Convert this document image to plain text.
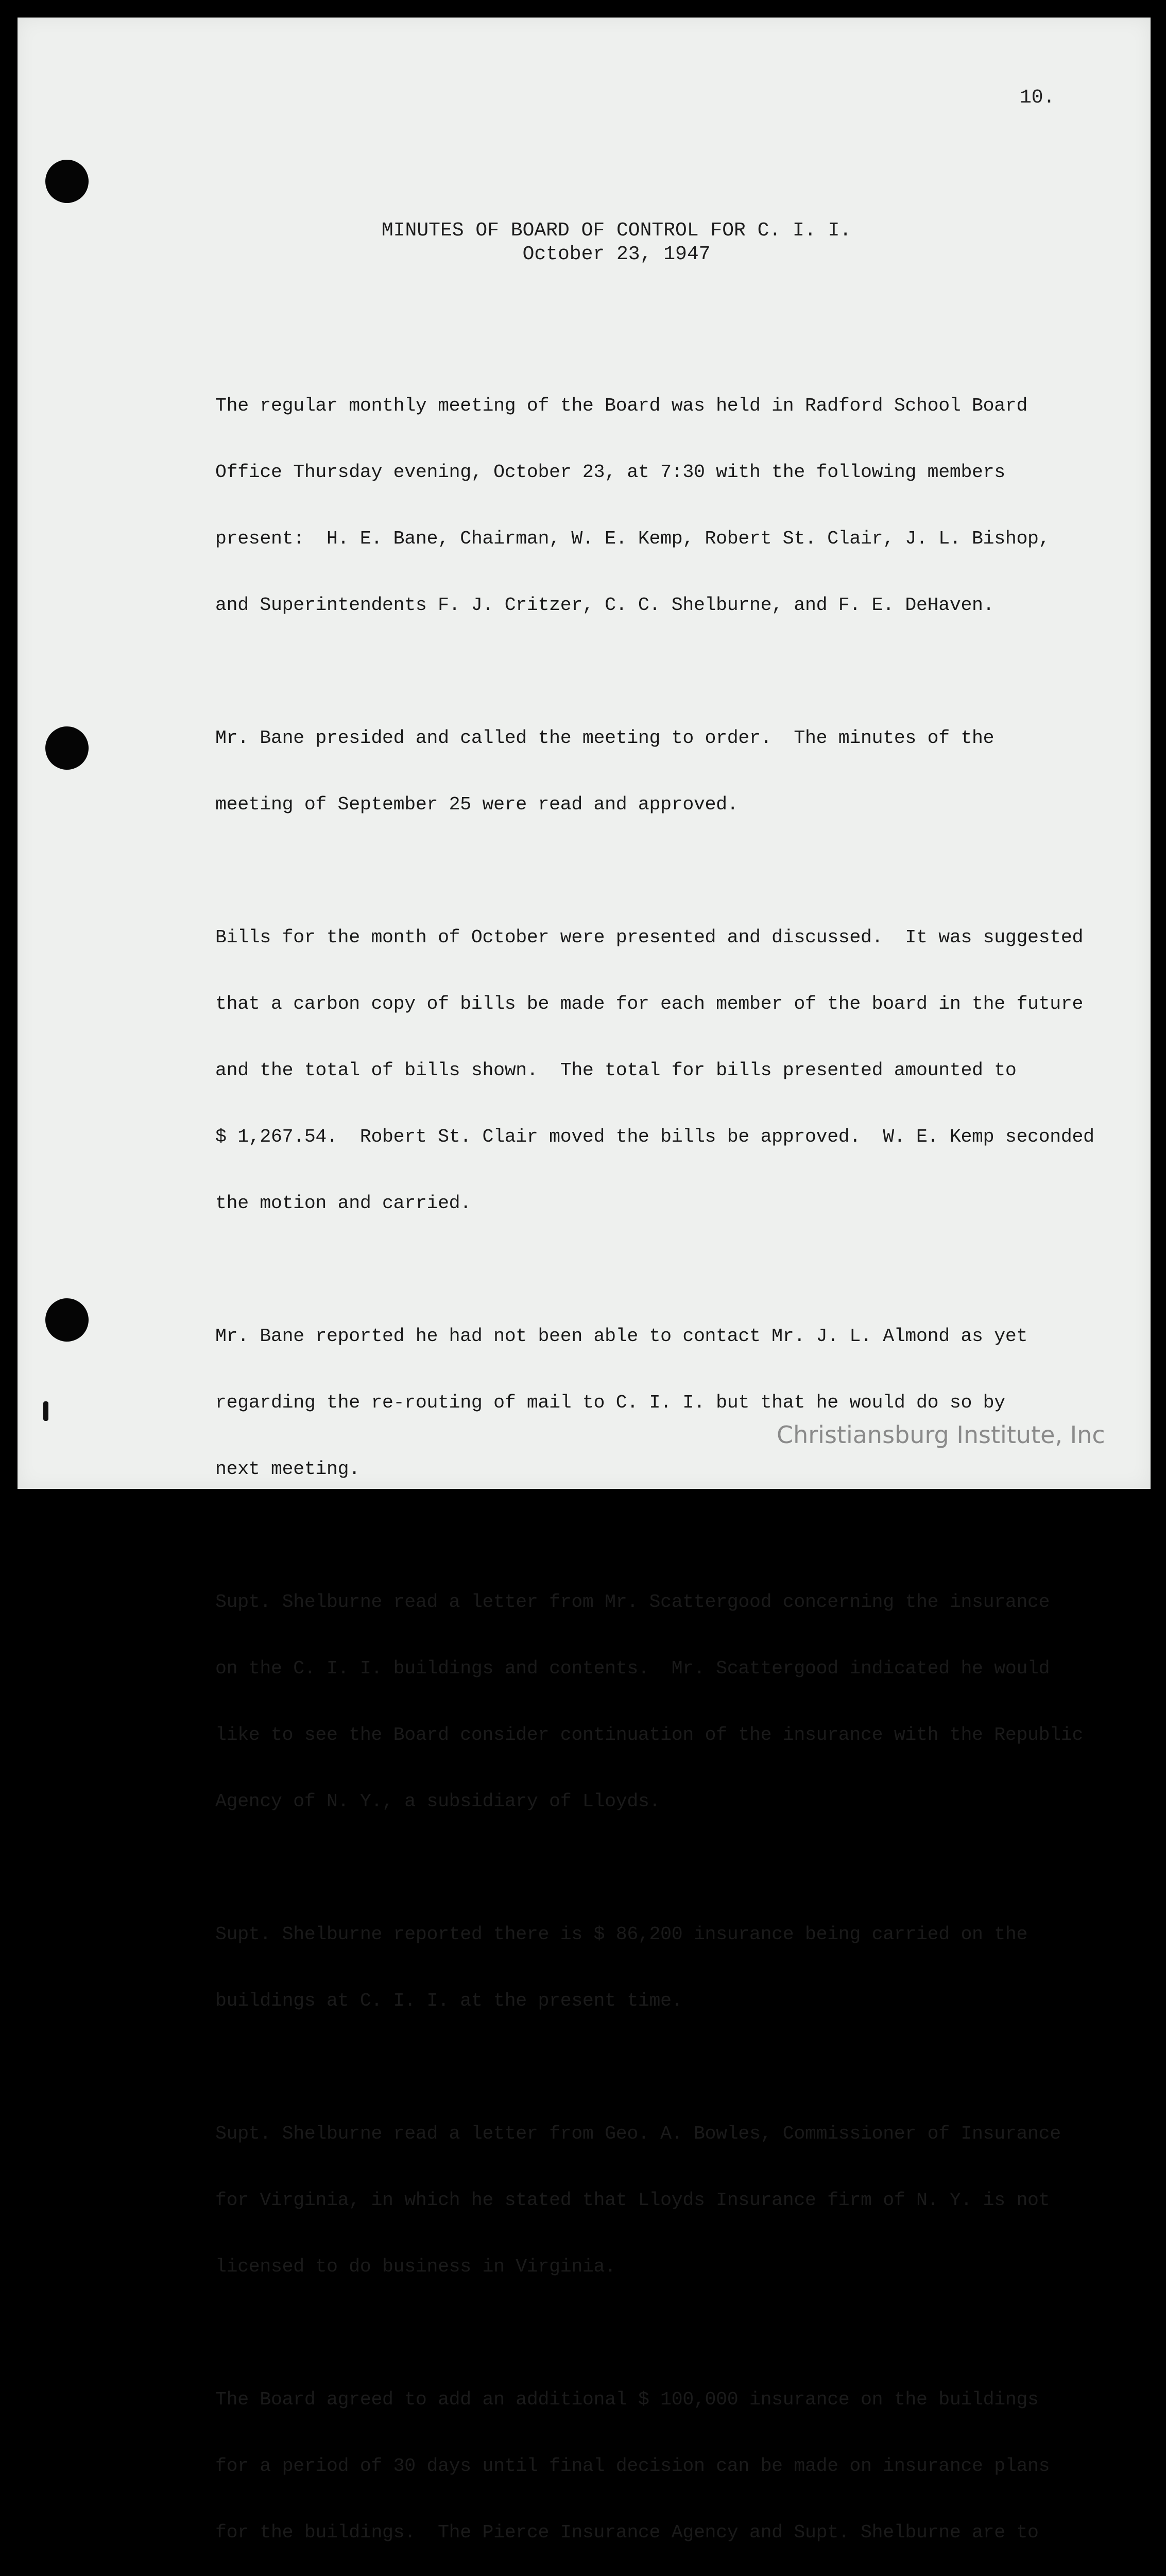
10.
MINUTES OF BOARD OF CONTROL FOR C. I. I.
October 23, 1947

The regular monthly meeting of the Board was held in Radford School Board

Office Thursday evening, October 23, at 7:30 with the following members

present:  H. E. Bane, Chairman, W. E. Kemp, Robert St. Clair, J. L. Bishop,

and Superintendents F. J. Critzer, C. C. Shelburne, and F. E. DeHaven.

Mr. Bane presided and called the meeting to order.  The minutes of the

meeting of September 25 were read and approved.

Bills for the month of October were presented and discussed.  It was suggested

that a carbon copy of bills be made for each member of the board in the future

and the total of bills shown.  The total for bills presented amounted to

$ 1,267.54.  Robert St. Clair moved the bills be approved.  W. E. Kemp seconded

the motion and carried.

Mr. Bane reported he had not been able to contact Mr. J. L. Almond as yet

regarding the re-routing of mail to C. I. I. but that he would do so by

next meeting.

Supt. Shelburne read a letter from Mr. Scattergood concerning the insurance

on the C. I. I. buildings and contents.  Mr. Scattergood indicated he would

like to see the Board consider continuation of the insurance with the Republic

Agency of N. Y., a subsidiary of Lloyds.

Supt. Shelburne reported there is $ 86,200 insurance being carried on the

buildings at C. I. I. at the present time.

Supt. Shelburne read a letter from Geo. A. Bowles, Commissioner of Insurance

for Virginia, in which he stated that Lloyds Insurance firm of N. Y. is not

licensed to do business in Virginia.

The Board agreed to add an additional $ 100,000 insurance on the buildings

for a period of 30 days until final decision can be made on insurance plans

for the buildings.  The Pierce Insurance Agency and Supt. Shelburne are to

Christiansburg Institute, Inc
